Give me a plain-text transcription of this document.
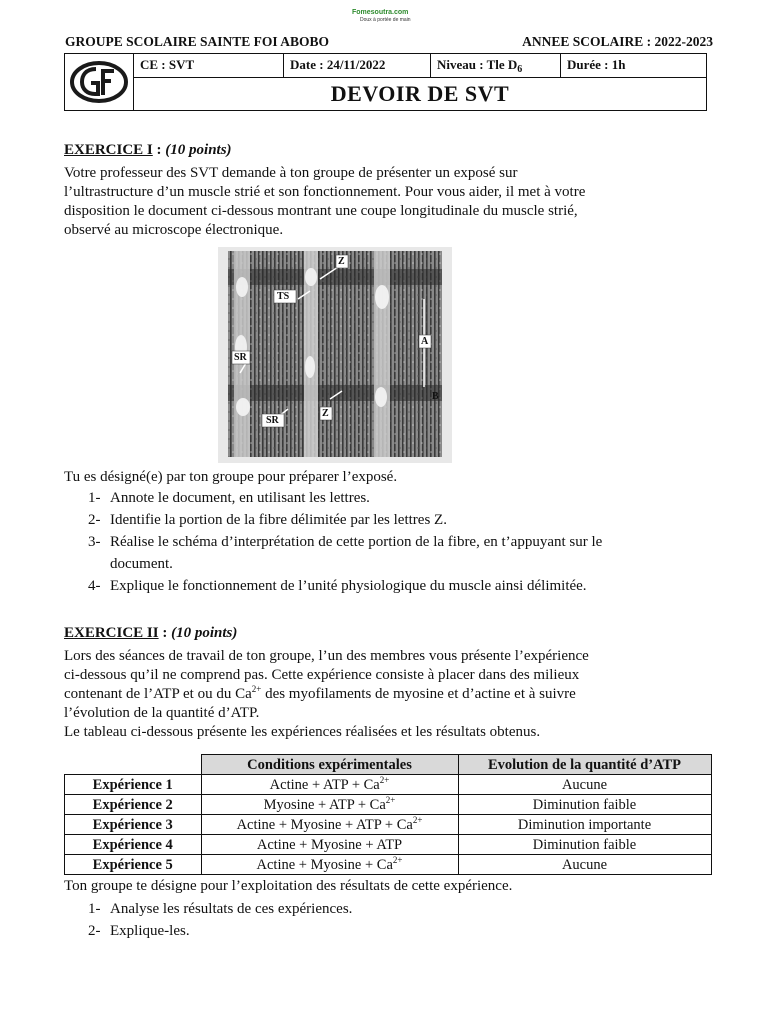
Fomesoutra.com
Doux à portée de main
GROUPE SCOLAIRE SAINTE FOI ABOBO	ANNEE SCOLAIRE : 2022-2023
CE : SVT	Date : 24/11/2022	Niveau : Tle $D_6$	Durée : 1h
DEVOIR DE SVT
EXERCICE I : (10 points)
Votre professeur des SVT demande à ton groupe de présenter un exposé sur
l’ultrastructure d’un muscle strié et son fonctionnement. Pour vous aider, il met à votre
disposition le document ci-dessous montrant une coupe longitudinale du muscle strié,
observé au microscope électronique.
Z
TS
SR
A
B
SR
Z
Tu es désigné(e) par ton groupe pour préparer l’exposé.
1- Annote le document, en utilisant les lettres.
2- Identifie la portion de la fibre délimitée par les lettres Z.
3- Réalise le schéma d’interprétation de cette portion de la fibre, en t’appuyant sur le
document.
4- Explique le fonctionnement de l’unité physiologique du muscle ainsi délimitée.
EXERCICE II : (10 points)
Lors des séances de travail de ton groupe, l’un des membres vous présente l’expérience
ci-dessous qu’il ne comprend pas. Cette expérience consiste à placer dans des milieux
contenant de l’ATP et ou du $Ca^{2+}$ des myofilaments de myosine et d’actine et à suivre
l’évolution de la quantité d’ATP.
Le tableau ci-dessous présente les expériences réalisées et les résultats obtenus.
	Conditions expérimentales	Evolution de la quantité d’ATP
Expérience 1	Actine + ATP + $Ca^{2+}$	Aucune
Expérience 2	Myosine + ATP + $Ca^{2+}$	Diminution faible
Expérience 3	Actine + Myosine + ATP + $Ca^{2+}$	Diminution importante
Expérience 4	Actine + Myosine + ATP	Diminution faible
Expérience 5	Actine + $Myosine + Ca^{2+}$	Aucune
Ton groupe te désigne pour l’exploitation des résultats de cette expérience.
1- Analyse les résultats de ces expériences.
2- Explique-les.
